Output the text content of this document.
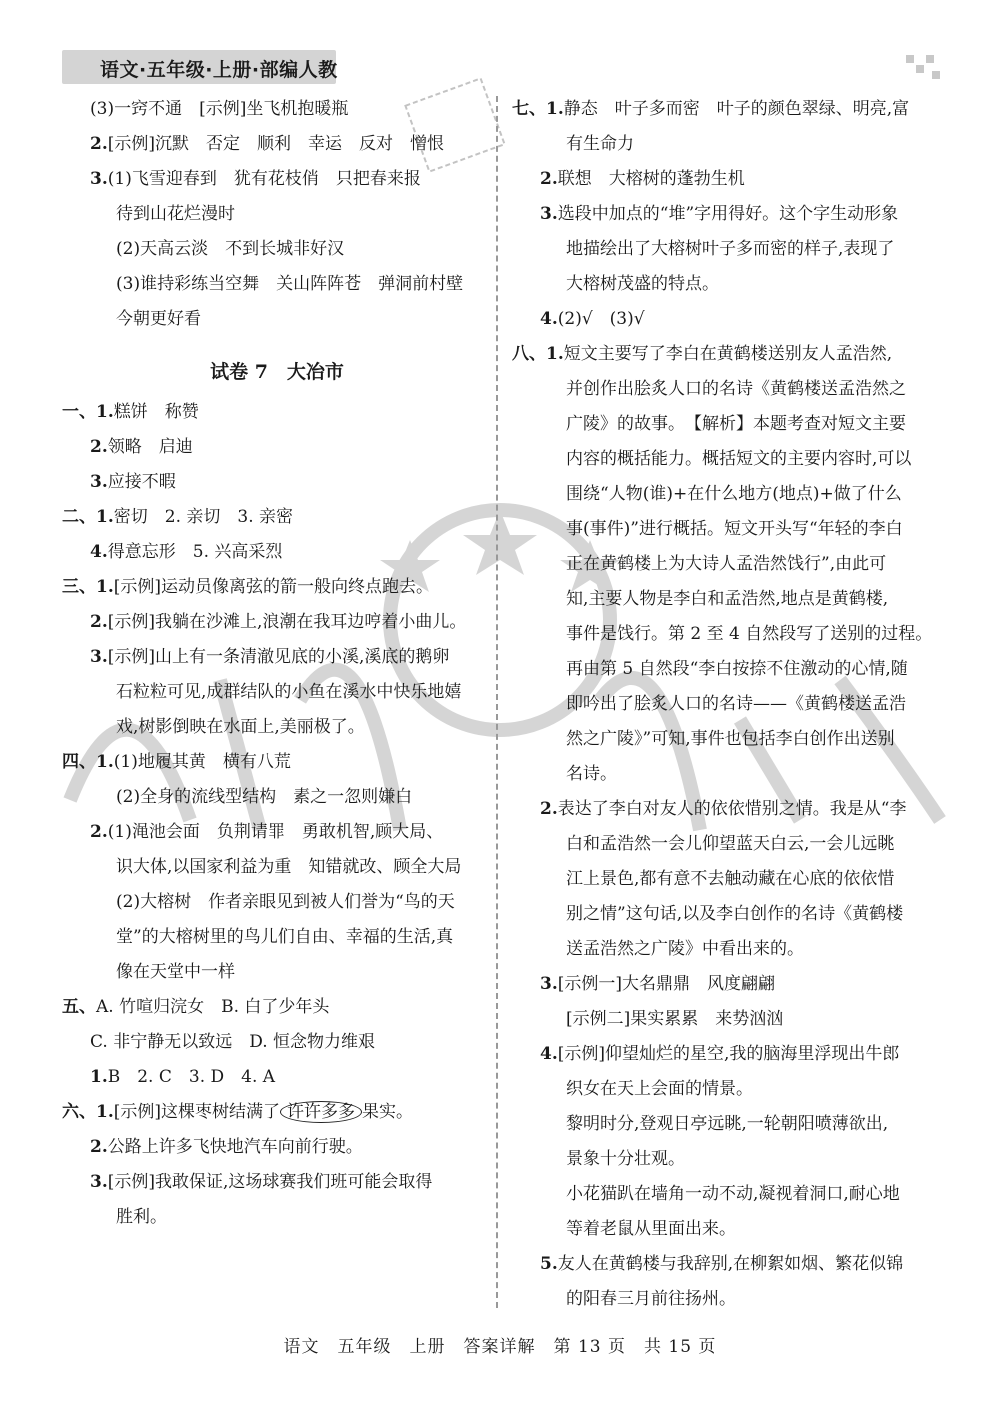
语文·五年级·上册·部编人教
(3)一窍不通　[示例]坐飞机抱暖瓶
2.[示例]沉默　否定　顺利　幸运　反对　憎恨
3.(1)飞雪迎春到　犹有花枝俏　只把春来报
待到山花烂漫时
(2)天高云淡　不到长城非好汉
(3)谁持彩练当空舞　关山阵阵苍　弹洞前村壁
今朝更好看
试卷 7　大冶市
一、1.糕饼　称赞
2.领略　启迪
3.应接不暇
二、1.密切　2. 亲切　3. 亲密
4.得意忘形　5. 兴高采烈
三、1.[示例]运动员像离弦的箭一般向终点跑去。
2.[示例]我躺在沙滩上,浪潮在我耳边哼着小曲儿。
3.[示例]山上有一条清澈见底的小溪,溪底的鹅卵
石粒粒可见,成群结队的小鱼在溪水中快乐地嬉
戏,树影倒映在水面上,美丽极了。
四、1.(1)地履其黄　横有八荒
(2)全身的流线型结构　素之一忽则嫌白
2.(1)渑池会面　负荆请罪　勇敢机智,顾大局、
识大体,以国家利益为重　知错就改、顾全大局
(2)大榕树　作者亲眼见到被人们誉为“鸟的天
堂”的大榕树里的鸟儿们自由、幸福的生活,真
像在天堂中一样
五、A. 竹喧归浣女　B. 白了少年头
C. 非宁静无以致远　D. 恒念物力维艰
1.B　2. C　3. D　4. A
六、1.[示例]这棵枣树结满了 许许多多 果实。
2.公路上许多飞快地汽车向前行驶。
3.[示例]我敢保证,这场球赛我们班可能会取得
胜利。
七、1.静态　叶子多而密　叶子的颜色翠绿、明亮,富
有生命力
2.联想　大榕树的蓬勃生机
3.选段中加点的“堆”字用得好。这个字生动形象
地描绘出了大榕树叶子多而密的样子,表现了
大榕树茂盛的特点。
4.(2)√　(3)√
八、1.短文主要写了李白在黄鹤楼送别友人孟浩然,
并创作出脍炙人口的名诗《黄鹤楼送孟浩然之
广陵》的故事。　【解析】本题考查对短文主要
内容的概括能力。概括短文的主要内容时,可以
围绕“人物(谁)+在什么地方(地点)+做了什么
事(事件)”进行概括。短文开头写“年轻的李白
正在黄鹤楼上为大诗人孟浩然饯行”,由此可
知,主要人物是李白和孟浩然,地点是黄鹤楼,
事件是饯行。第 2 至 4 自然段写了送别的过程。
再由第 5 自然段“李白按捺不住激动的心情,随
即吟出了脍炙人口的名诗——《黄鹤楼送孟浩
然之广陵》”可知,事件也包括李白创作出送别
名诗。
2.表达了李白对友人的依依惜别之情。我是从“李
白和孟浩然一会儿仰望蓝天白云,一会儿远眺
江上景色,都有意不去触动藏在心底的依依惜
别之情”这句话,以及李白创作的名诗《黄鹤楼
送孟浩然之广陵》中看出来的。
3.[示例一]大名鼎鼎　风度翩翩
[示例二]果实累累　来势汹汹
4.[示例]仰望灿烂的星空,我的脑海里浮现出牛郎
织女在天上会面的情景。
黎明时分,登观日亭远眺,一轮朝阳喷薄欲出,
景象十分壮观。
小花猫趴在墙角一动不动,凝视着洞口,耐心地
等着老鼠从里面出来。
5.友人在黄鹤楼与我辞别,在柳絮如烟、繁花似锦
的阳春三月前往扬州。
语文　五年级　上册　答案详解　第 13 页　共 15 页
